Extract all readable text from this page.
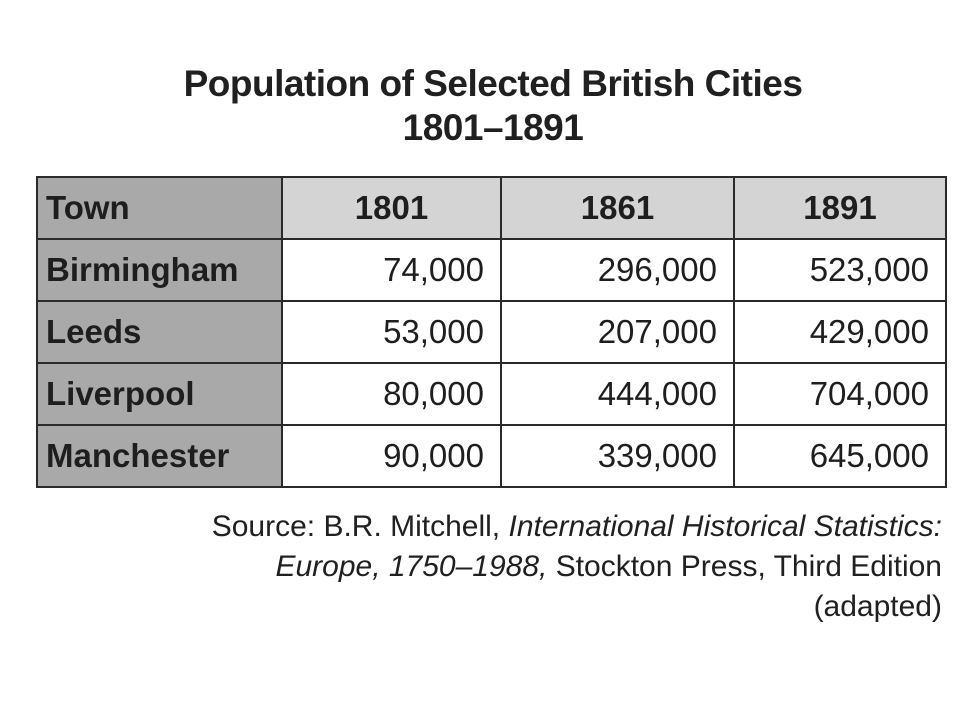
Population of Selected British Cities
1801–1891
Town	1801	1861	1891
Birmingham	74,000	296,000	523,000
Leeds	53,000	207,000	429,000
Liverpool	80,000	444,000	704,000
Manchester	90,000	339,000	645,000
Source: B.R. Mitchell, International Historical Statistics:
Europe, 1750–1988, Stockton Press, Third Edition
(adapted)
